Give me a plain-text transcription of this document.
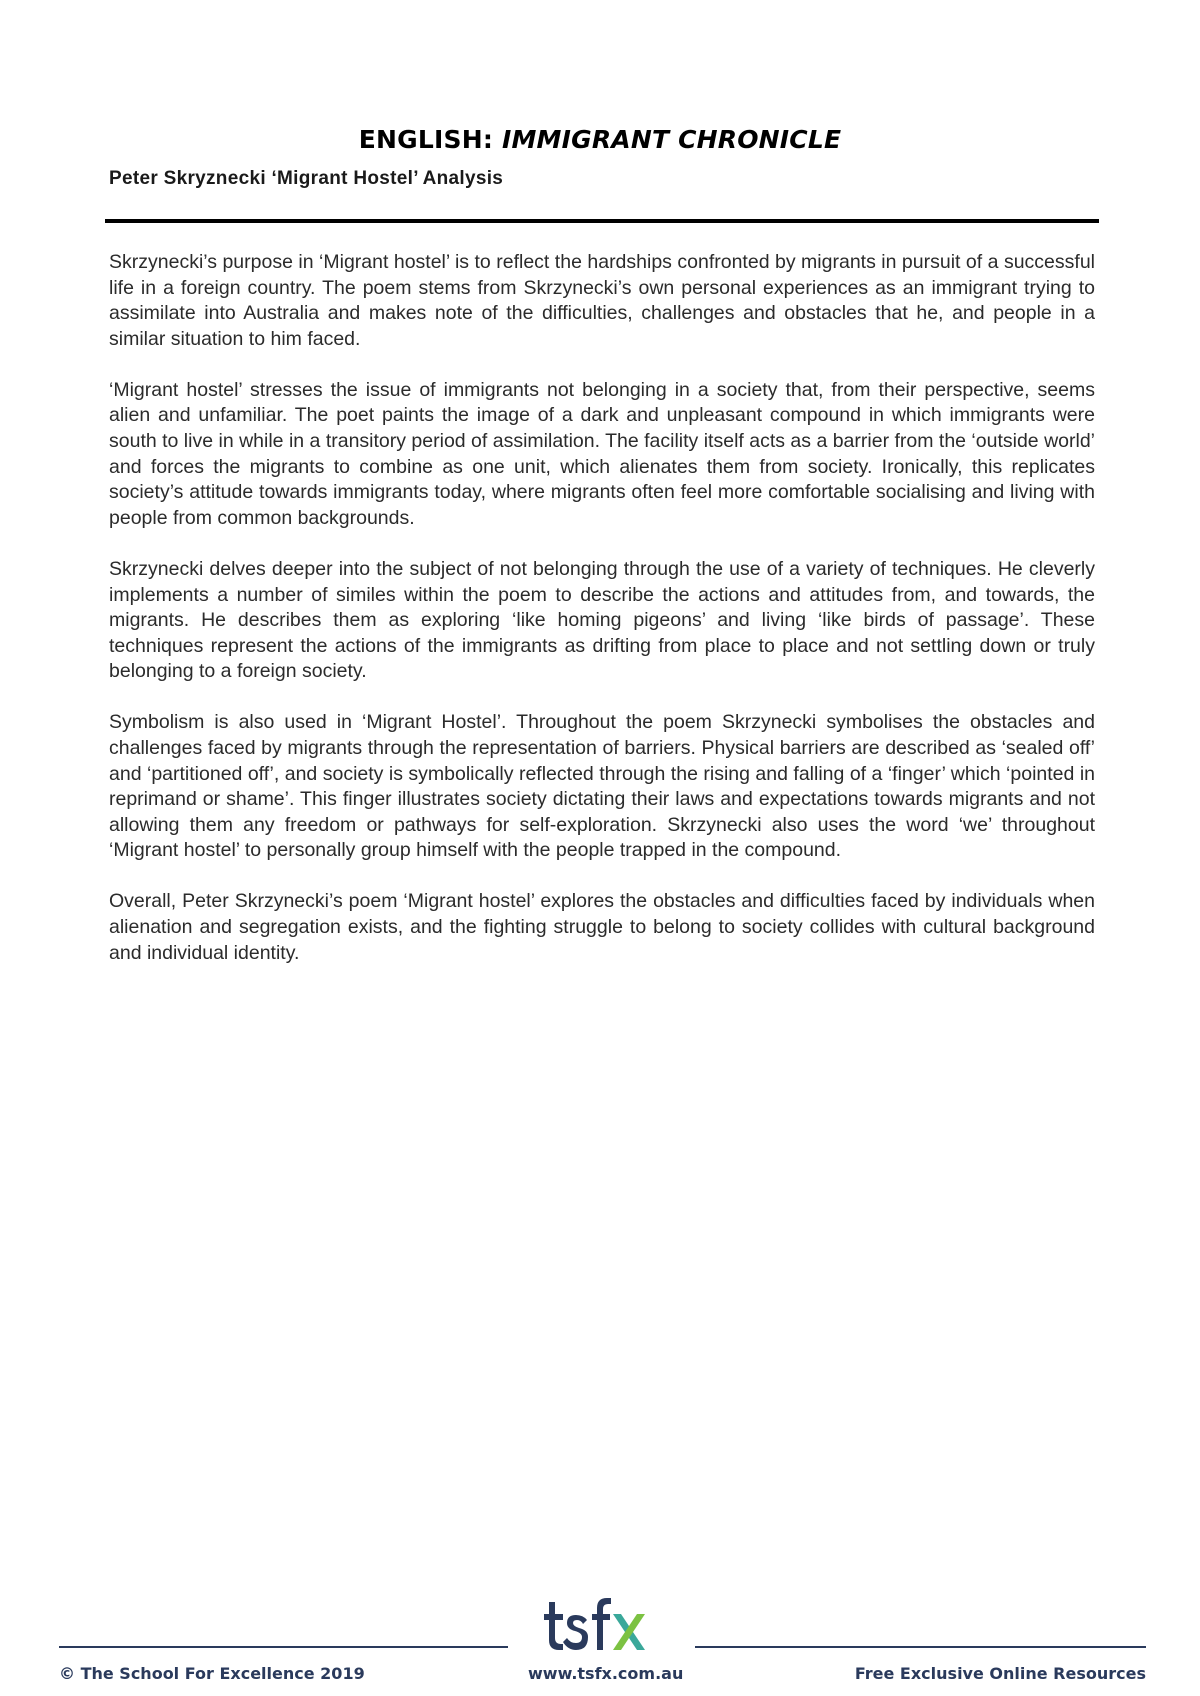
ENGLISH: IMMIGRANT CHRONICLE
Peter Skryznecki ‘Migrant Hostel’ Analysis

Skrzynecki’s purpose in ‘Migrant hostel’ is to reflect the hardships confronted by migrants in pursuit of a successful life in a foreign country. The poem stems from Skrzynecki’s own personal experiences as an immigrant trying to assimilate into Australia and makes note of the difficulties, challenges and obstacles that he, and people in a similar situation to him faced.

‘Migrant hostel’ stresses the issue of immigrants not belonging in a society that, from their perspective, seems alien and unfamiliar. The poet paints the image of a dark and unpleasant compound in which immigrants were south to live in while in a transitory period of assimilation. The facility itself acts as a barrier from the ‘outside world’ and forces the migrants to combine as one unit, which alienates them from society. Ironically, this replicates society’s attitude towards immigrants today, where migrants often feel more comfortable socialising and living with people from common backgrounds.

Skrzynecki delves deeper into the subject of not belonging through the use of a variety of techniques. He cleverly implements a number of similes within the poem to describe the actions and attitudes from, and towards, the migrants. He describes them as exploring ‘like homing pigeons’ and living ‘like birds of passage’. These techniques represent the actions of the immigrants as drifting from place to place and not settling down or truly belonging to a foreign society.

Symbolism is also used in ‘Migrant Hostel’. Throughout the poem Skrzynecki symbolises the obstacles and challenges faced by migrants through the representation of barriers. Physical barriers are described as ‘sealed off’ and ‘partitioned off’, and society is symbolically reflected through the rising and falling of a ‘finger’ which ‘pointed in reprimand or shame’. This finger illustrates society dictating their laws and expectations towards migrants and not allowing them any freedom or pathways for self-exploration. Skrzynecki also uses the word ‘we’ throughout ‘Migrant hostel’ to personally group himself with the people trapped in the compound.

Overall, Peter Skrzynecki’s poem ‘Migrant hostel’ explores the obstacles and difficulties faced by individuals when alienation and segregation exists, and the fighting struggle to belong to society collides with cultural background and individual identity.

tsfx
© The School For Excellence 2019	www.tsfx.com.au	Free Exclusive Online Resources
